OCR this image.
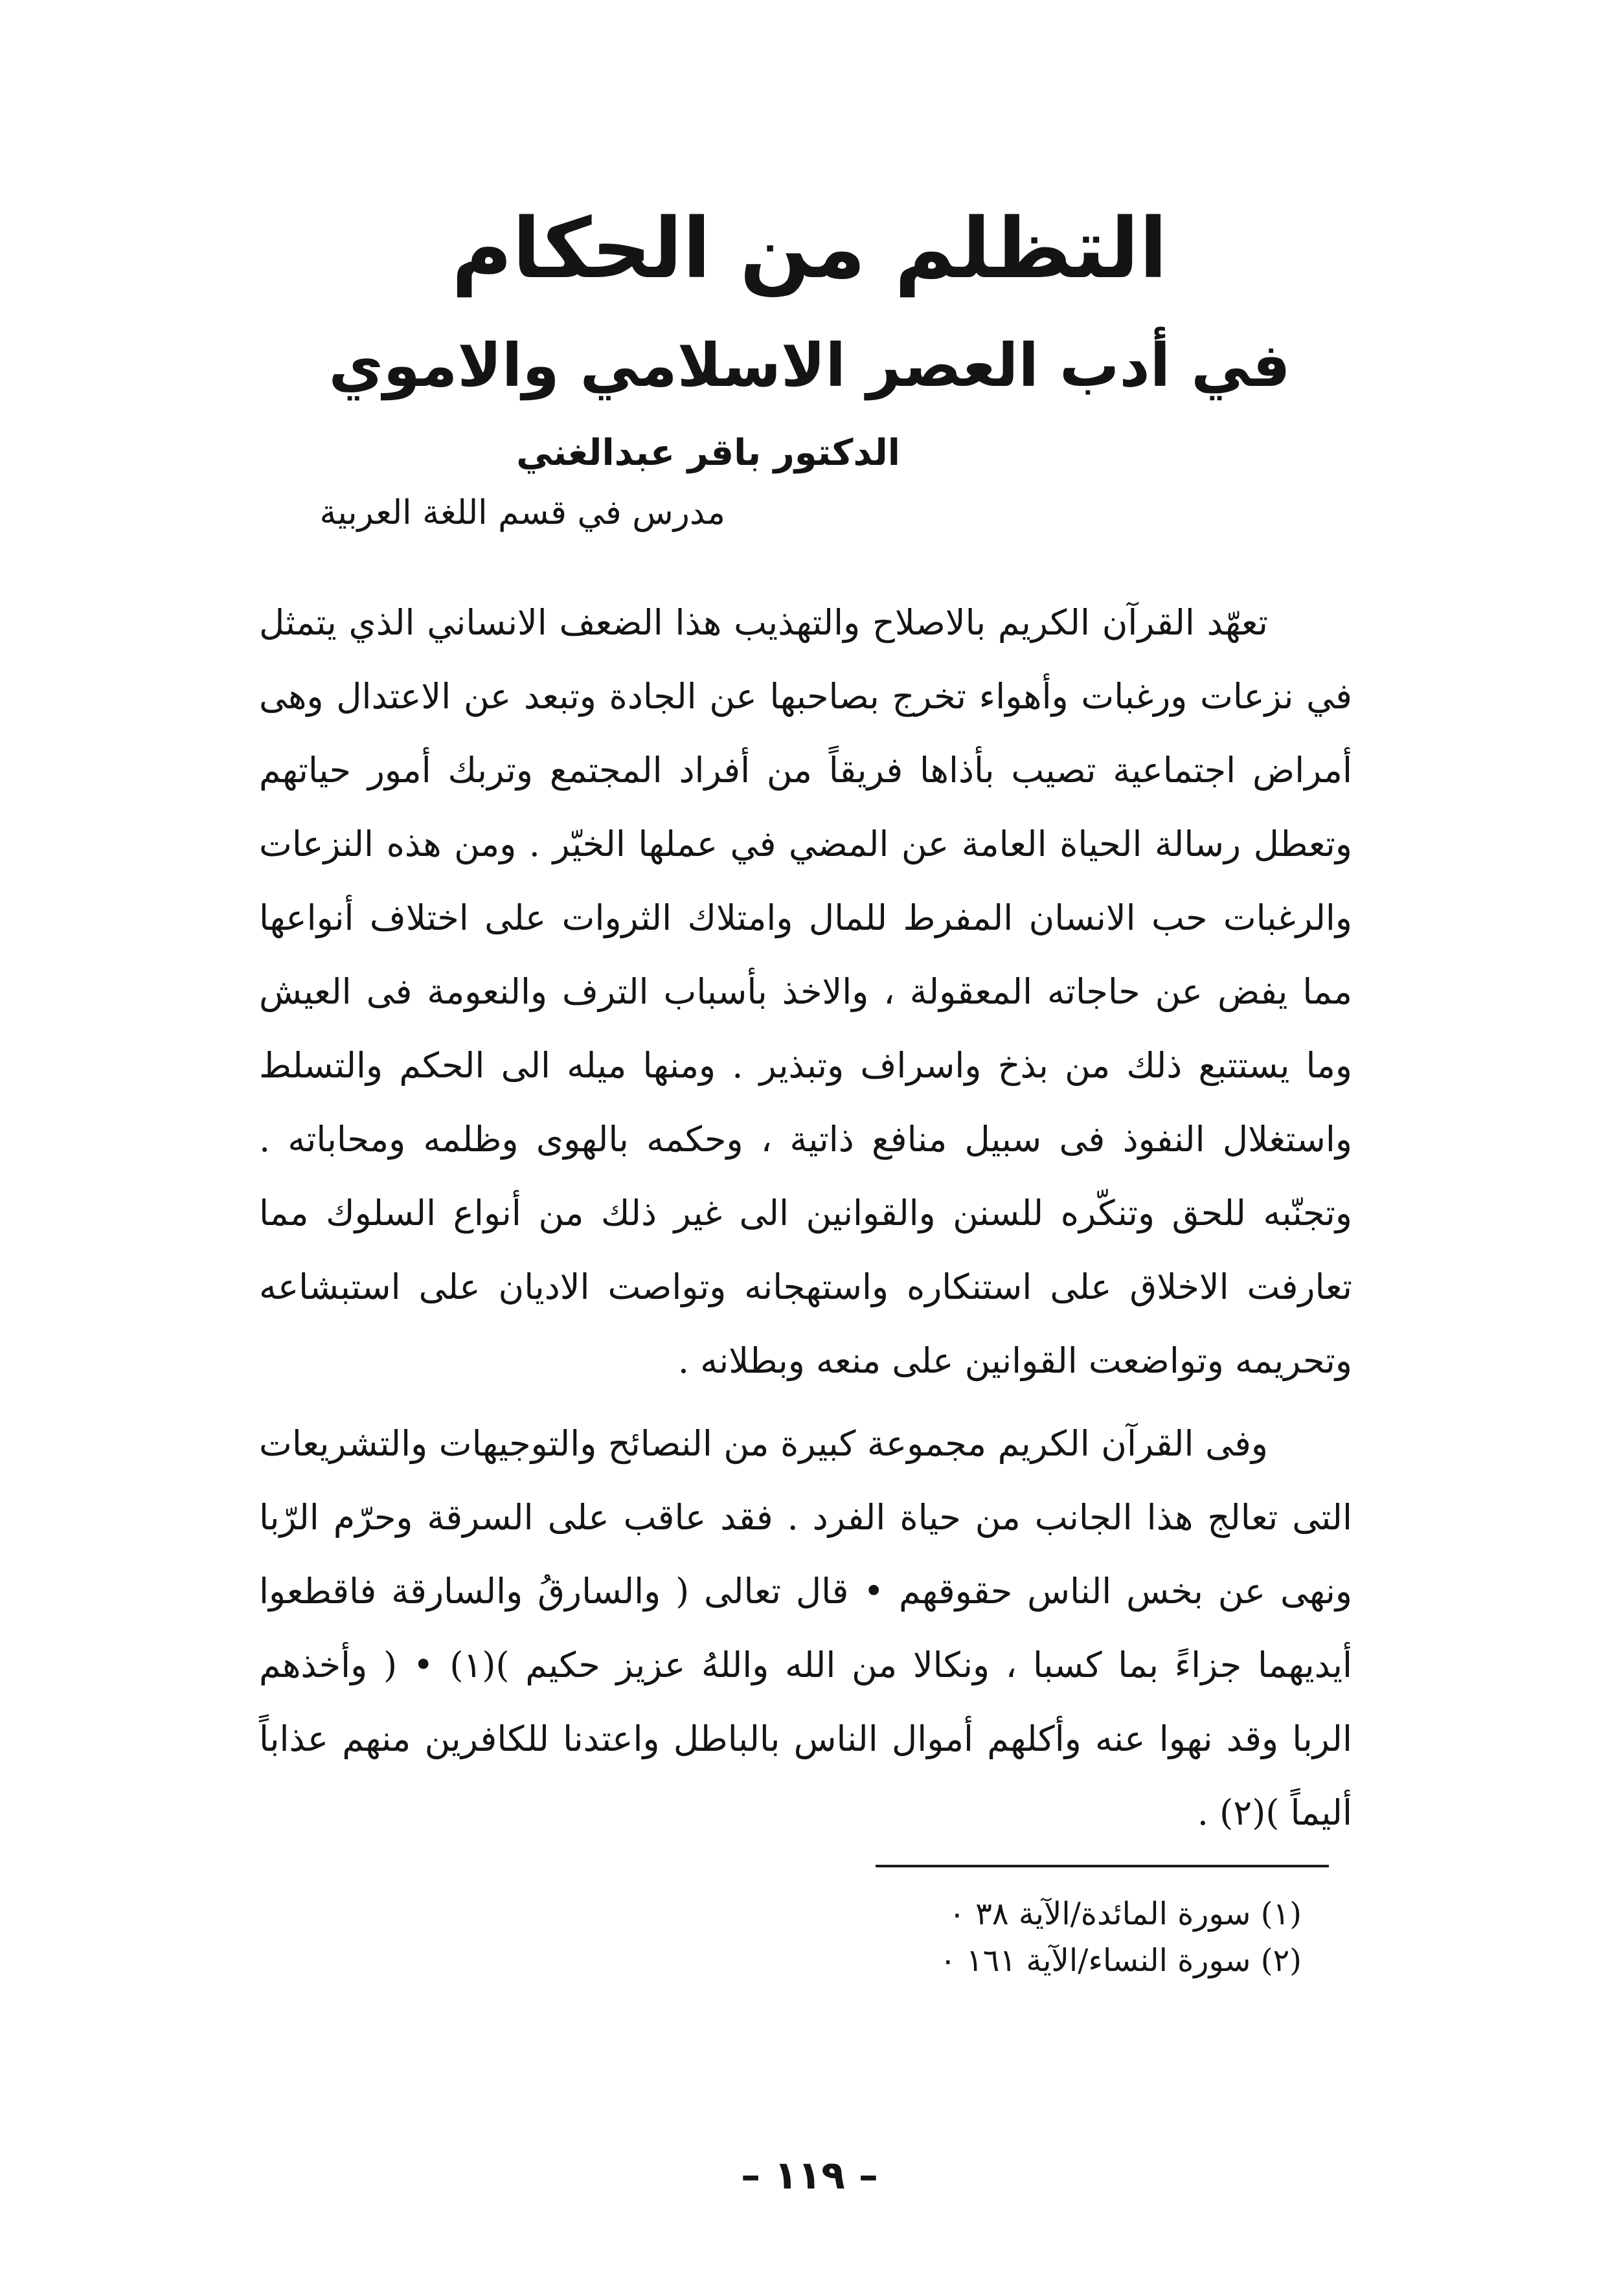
التظلم من الحكام
في أدب العصر الاسلامي والاموي
الدكتور باقر عبدالغني
مدرس في قسم اللغة العربية

تعهّد القرآن الكريم بالاصلاح والتهذيب هذا الضعف الانساني الذي يتمثل في نزعات ورغبات وأهواء تخرج بصاحبها عن الجادة وتبعد عن الاعتدال وهى أمراض اجتماعية تصيب بأذاها فريقاً من أفراد المجتمع وتربك أمور حياتهم وتعطل رسالة الحياة العامة عن المضي في عملها الخيّر . ومن هذه النزعات والرغبات حب الانسان المفرط للمال وامتلاك الثروات على اختلاف أنواعها مما يفض عن حاجاته المعقولة ، والاخذ بأسباب الترف والنعومة فى العيش وما يستتبع ذلك من بذخ واسراف وتبذير . ومنها ميله الى الحكم والتسلط واستغلال النفوذ فى سبيل منافع ذاتية ، وحكمه بالهوى وظلمه ومحاباته . وتجنّبه للحق وتنكّره للسنن والقوانين الى غير ذلك من أنواع السلوك مما تعارفت الاخلاق على استنكاره واستهجانه وتواصت الاديان على استبشاعه وتحريمه وتواضعت القوانين على منعه وبطلانه .

وفى القرآن الكريم مجموعة كبيرة من النصائح والتوجيهات والتشريعات التى تعالج هذا الجانب من حياة الفرد . فقد عاقب على السرقة وحرّم الرّبا ونهى عن بخس الناس حقوقهم • قال تعالى ( والسارقُ والسارقة فاقطعوا أيديهما جزاءً بما كسبا ، ونكالا من الله واللهُ عزيز حكيم )(١) • ( وأخذهم الربا وقد نهوا عنه وأكلهم أموال الناس بالباطل واعتدنا للكافرين منهم عذاباً أليماً )(٢) .

(١) سورة المائدة/الآية ٣٨ ٠
(٢) سورة النساء/الآية ١٦١ ٠
– ١١٩ –
